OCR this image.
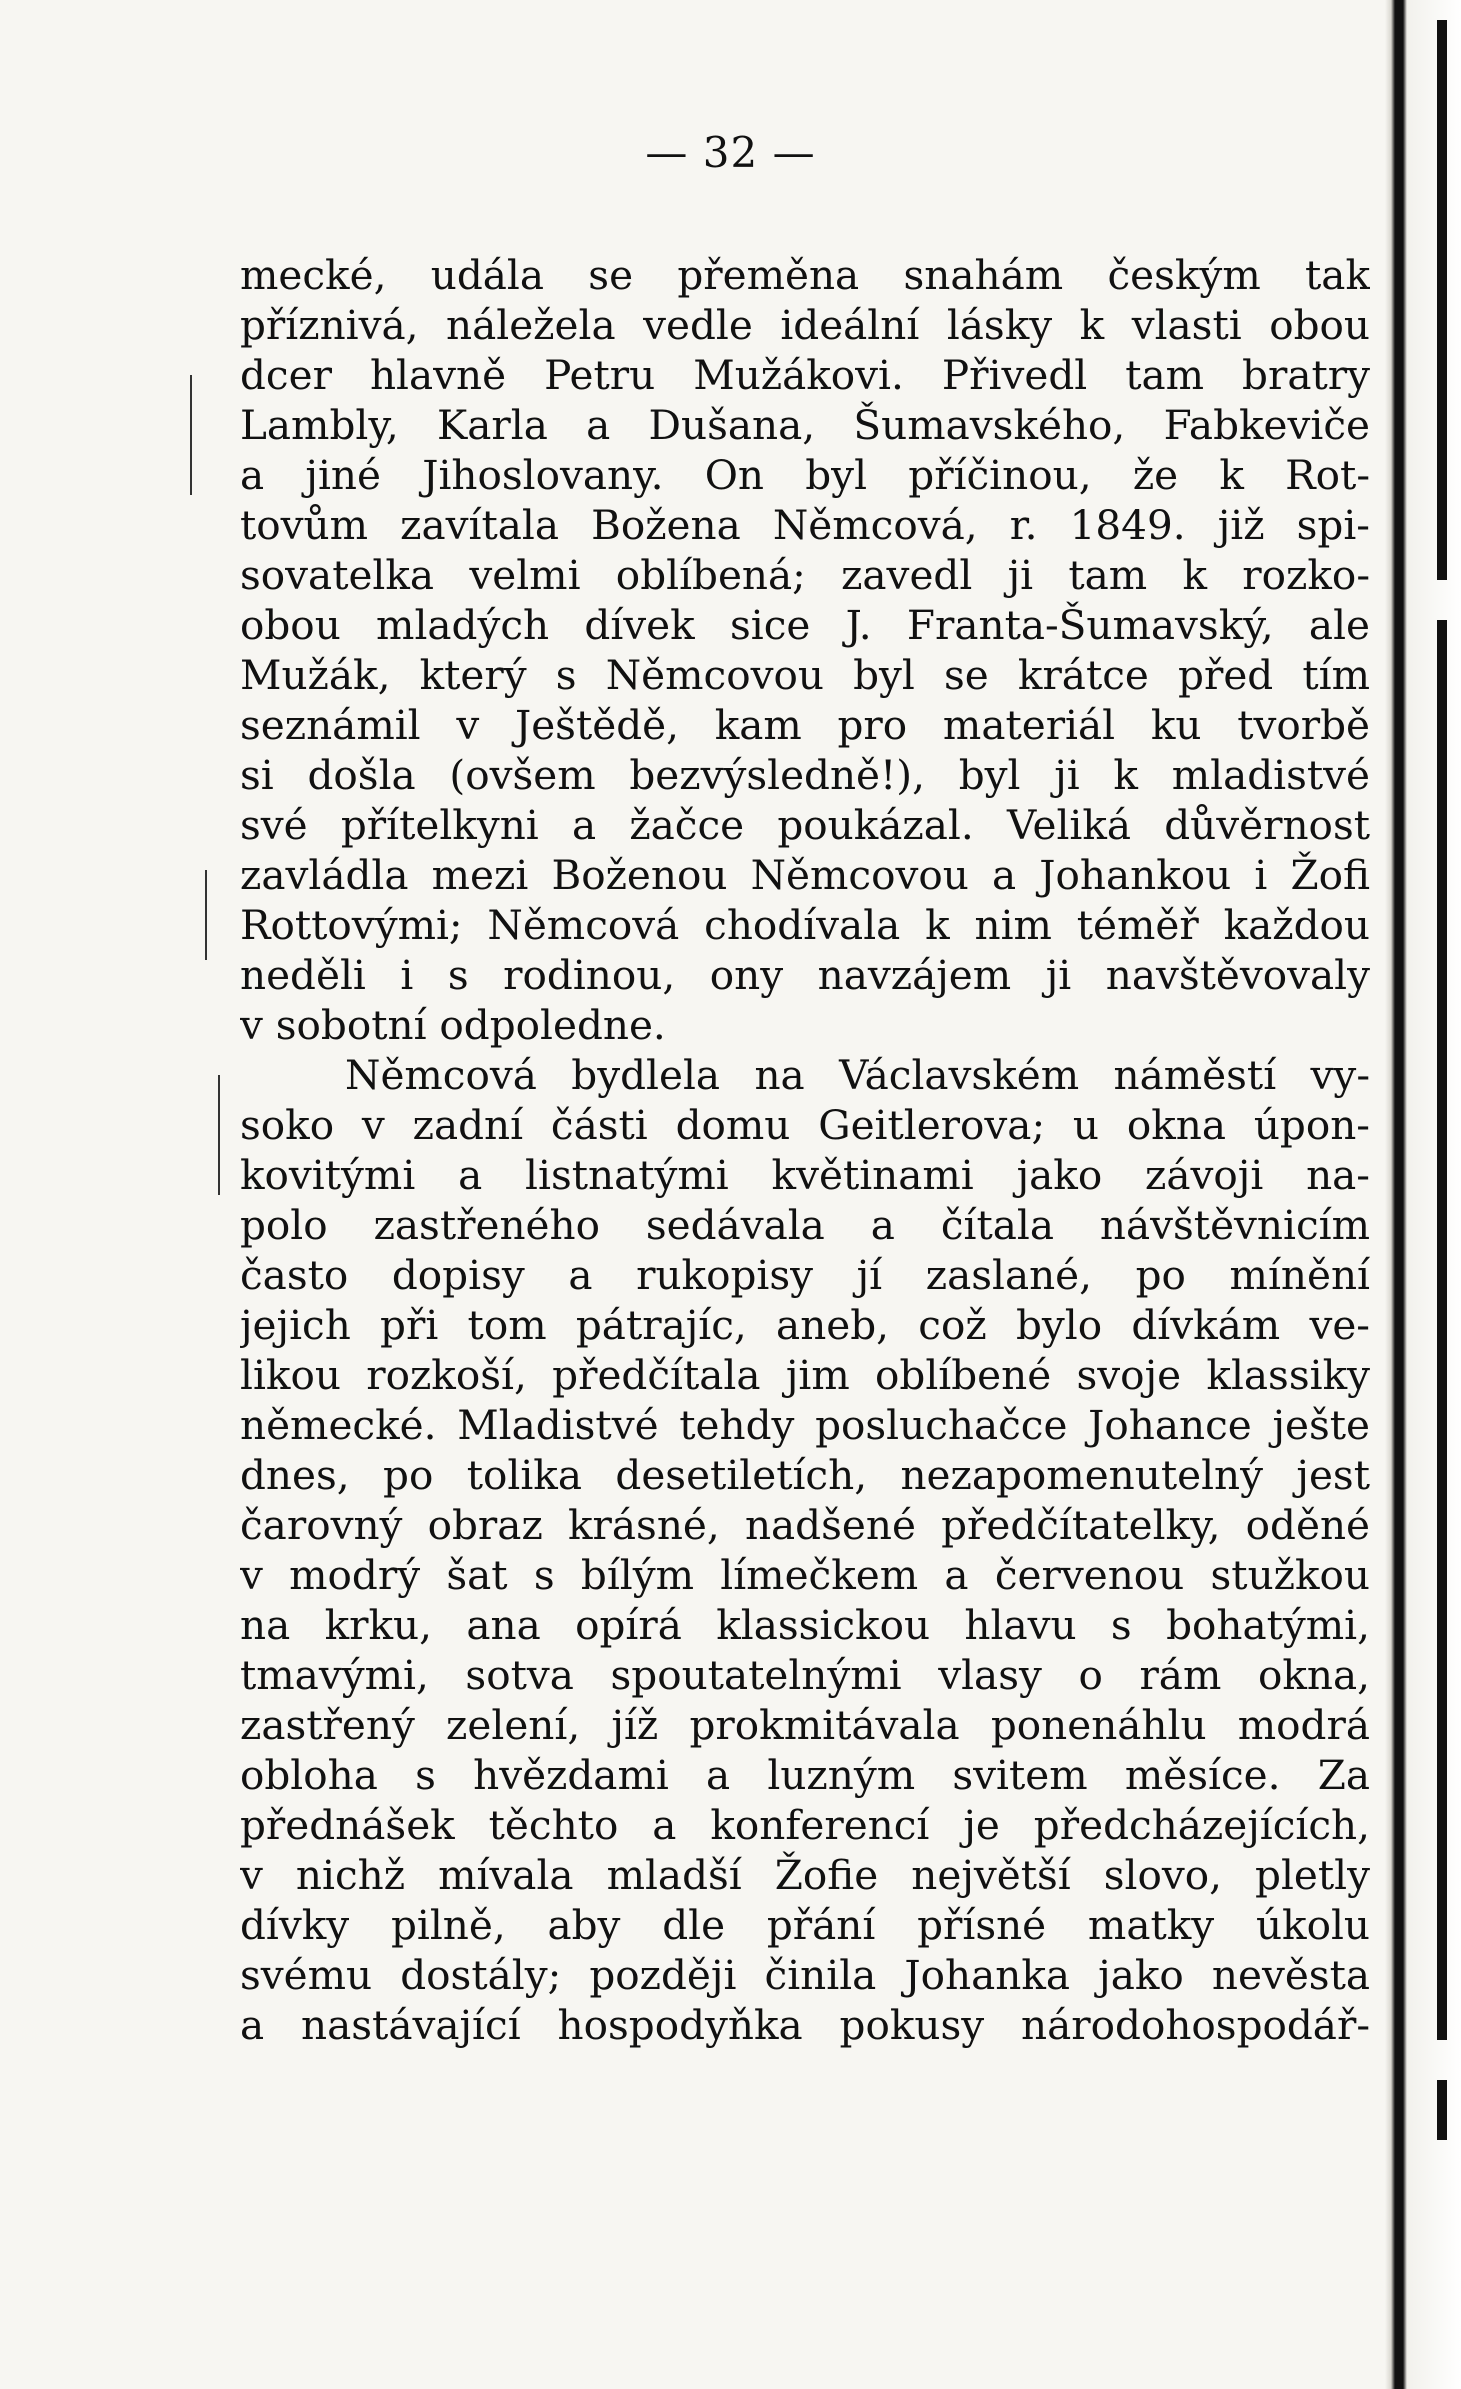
— 32 —
mecké, udála se přeměna snahám českým tak
příznivá, náležela vedle ideální lásky k vlasti obou
dcer hlavně Petru Mužákovi. Přivedl tam bratry
Lambly, Karla a Dušana, Šumavského, Fabkeviče
a jiné Jihoslovany. On byl příčinou, že k Rot-
tovům zavítala Božena Němcová, r. 1849. již spi-
sovatelka velmi oblíbená; zavedl ji tam k rozko-
obou mladých dívek sice J. Franta-Šumavský, ale
Mužák, který s Němcovou byl se krátce před tím
seznámil v Ještědě, kam pro materiál ku tvorbě
si došla (ovšem bezvýsledně!), byl ji k mladistvé
své přítelkyni a žačce poukázal. Veliká důvěrnost
zavládla mezi Boženou Němcovou a Johankou i Žofi
Rottovými; Němcová chodívala k nim téměř každou
neděli i s rodinou, ony navzájem ji navštěvovaly
v sobotní odpoledne.
Němcová bydlela na Václavském náměstí vy-
soko v zadní části domu Geitlerova; u okna úpon-
kovitými a listnatými květinami jako závoji na-
polo zastřeného sedávala a čítala návštěvnicím
často dopisy a rukopisy jí zaslané, po mínění
jejich při tom pátrajíc, aneb, což bylo dívkám ve-
likou rozkoší, předčítala jim oblíbené svoje klassiky
německé. Mladistvé tehdy posluchačce Johance ješte
dnes, po tolika desetiletích, nezapomenutelný jest
čarovný obraz krásné, nadšené předčítatelky, oděné
v modrý šat s bílým límečkem a červenou stužkou
na krku, ana opírá klassickou hlavu s bohatými,
tmavými, sotva spoutatelnými vlasy o rám okna,
zastřený zelení, jíž prokmitávala ponenáhlu modrá
obloha s hvězdami a luzným svitem měsíce. Za
přednášek těchto a konferencí je předcházejících,
v nichž mívala mladší Žofie největší slovo, pletly
dívky pilně, aby dle přání přísné matky úkolu
svému dostály; později činila Johanka jako nevěsta
a nastávající hospodyňka pokusy národohospodář-
